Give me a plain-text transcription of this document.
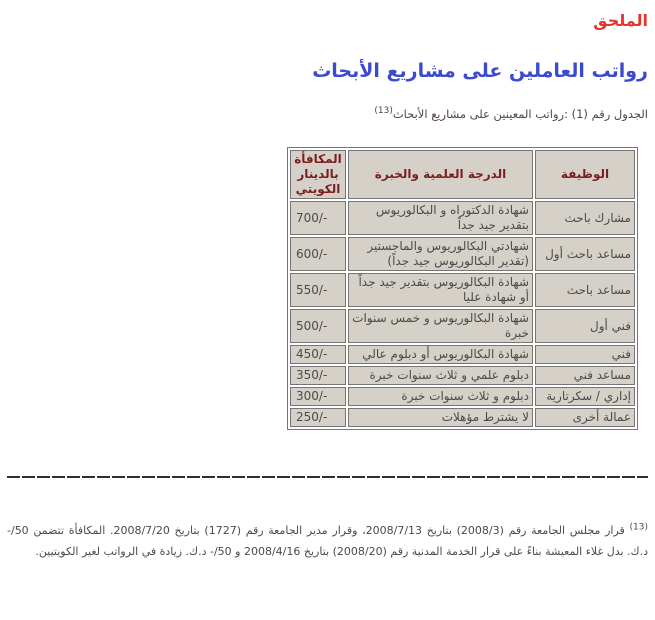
الملحق
رواتب العاملين على مشاريع الأبحاث
الجدول رقم (1) :رواتب المعينين على مشاريع الأبحاث$^{(13)}$
الوظيفة	الدرجة العلمية والخبرة	المكافأة بالدينار الكويتي
مشارك باحث	شهادة الدكتوراه و البكالوريوس بتقدير جيد جداً	700/-
مساعد باحث أول	شهادتي البكالوريوس والماجستير (تقدير البكالوريوس جيد جداً)	600/-
مساعد باحث	شهادة البكالوريوس بتقدير جيد جداً أو شهادة عليا	550/-
فني أول	شهادة البكالوريوس و خمس سنوات خبرة	500/-
فني	شهادة البكالوريوس أو دبلوم عالي	450/-
مساعد فني	دبلوم علمي و ثلاث سنوات خبرة	350/-
إداري / سكرتارية	دبلوم و ثلاث سنوات خبرة	300/-
عمالة أخرى	لا يشترط مؤهلات	250/-
$^{(13)}$ قرار مجلس الجامعة رقم (2008/3) بتاريخ 2008/7/13، وقرار مدير الجامعة رقم (1727) بتاريخ 2008/7/20. المكافأة تتضمن 50/- د.ك. بدل غلاء المعيشة بناءً على قرار الخدمة المدنية رقم (2008/20) بتاريخ 2008/4/16 و 50/- د.ك. زيادة في الرواتب لغير الكويتيين.
